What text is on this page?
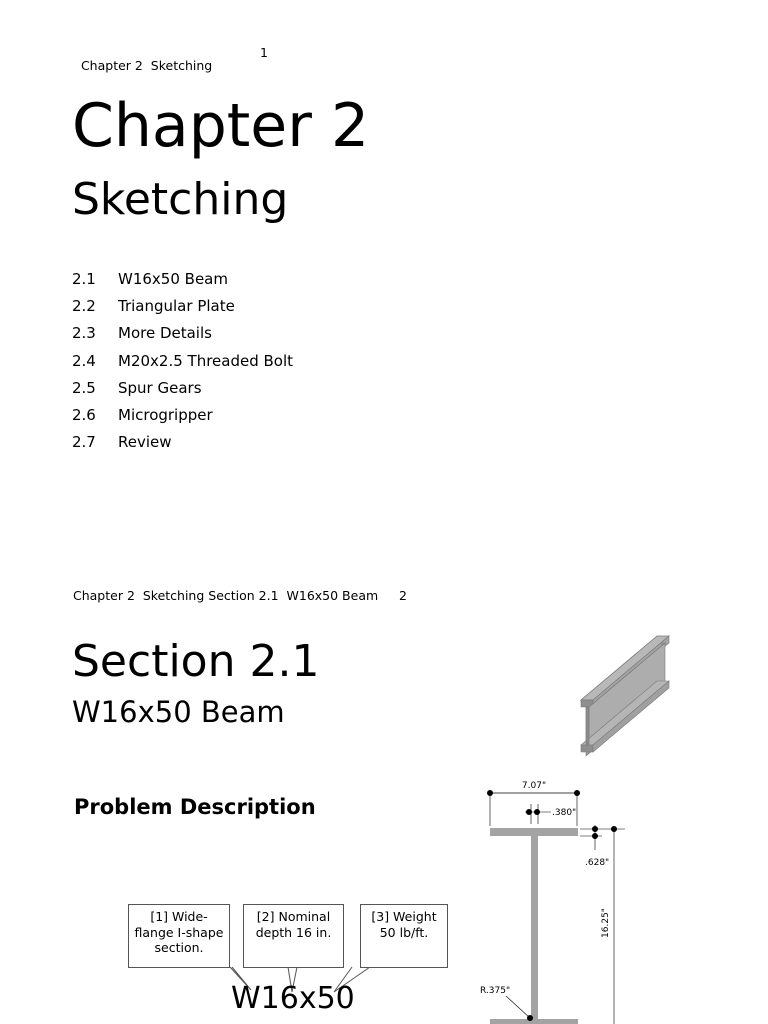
Chapter 2  Sketching

1
Chapter 2
Sketching
2.1	W16x50 Beam
2.2	Triangular Plate
2.3	More Details
2.4	M20x2.5 Threaded Bolt
2.5	Spur Gears
2.6	Microgripper
2.7	Review
Chapter 2  Sketching Section 2.1  W16x50 Beam 2
Section 2.1
W16x50 Beam
Problem Description
[1] Wide-flange I-shape section.
[2] Nominal depth 16 in.
[3] Weight 50 lb/ft.
W16x50
7.07"
.380"
.628"
16.25"
R.375"
